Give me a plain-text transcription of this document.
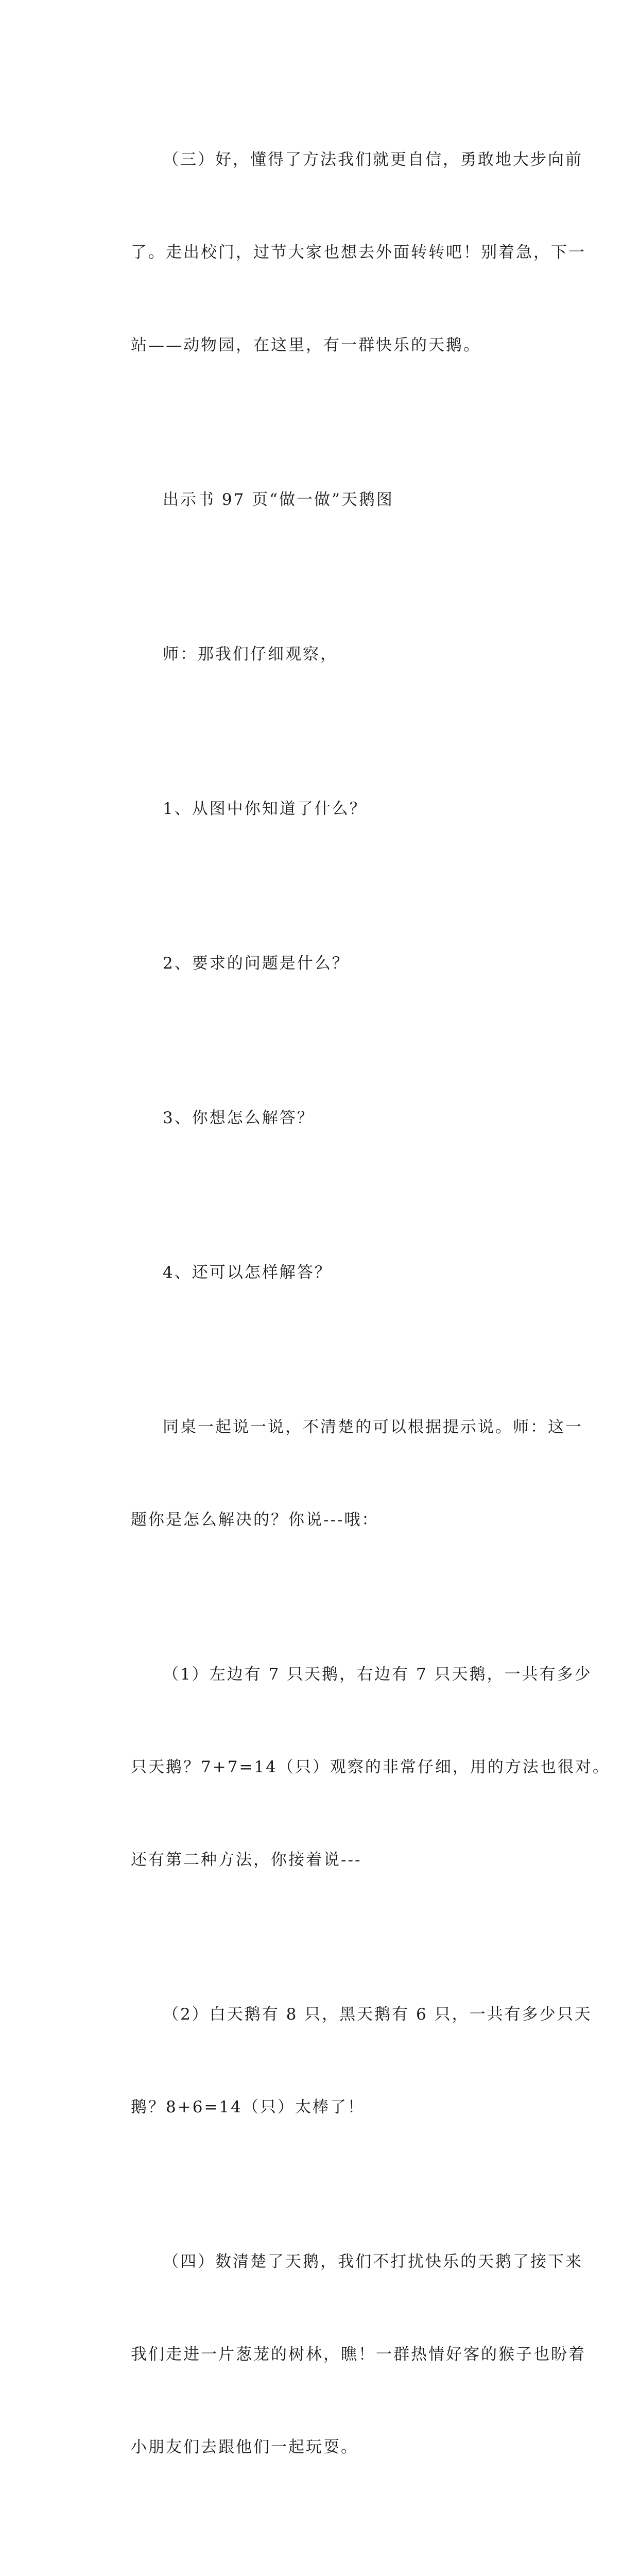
（三）好，懂得了方法我们就更自信，勇敢地大步向前

了。走出校门，过节大家也想去外面转转吧！别着急，下一

站——动物园，在这里，有一群快乐的天鹅。

出示书 97 页“做一做”天鹅图

师：那我们仔细观察，

1、从图中你知道了什么？

2、要求的问题是什么？

3、你想怎么解答？

4、还可以怎样解答？

同桌一起说一说，不清楚的可以根据提示说。师：这一

题你是怎么解决的？你说---哦：

（1）左边有 7 只天鹅，右边有 7 只天鹅，一共有多少

只天鹅？7+7=14（只）观察的非常仔细，用的方法也很对。

还有第二种方法，你接着说---

（2）白天鹅有 8 只，黑天鹅有 6 只，一共有多少只天

鹅？8+6=14（只）太棒了！

（四）数清楚了天鹅，我们不打扰快乐的天鹅了接下来

我们走进一片葱茏的树林，瞧！一群热情好客的猴子也盼着

小朋友们去跟他们一起玩耍。
